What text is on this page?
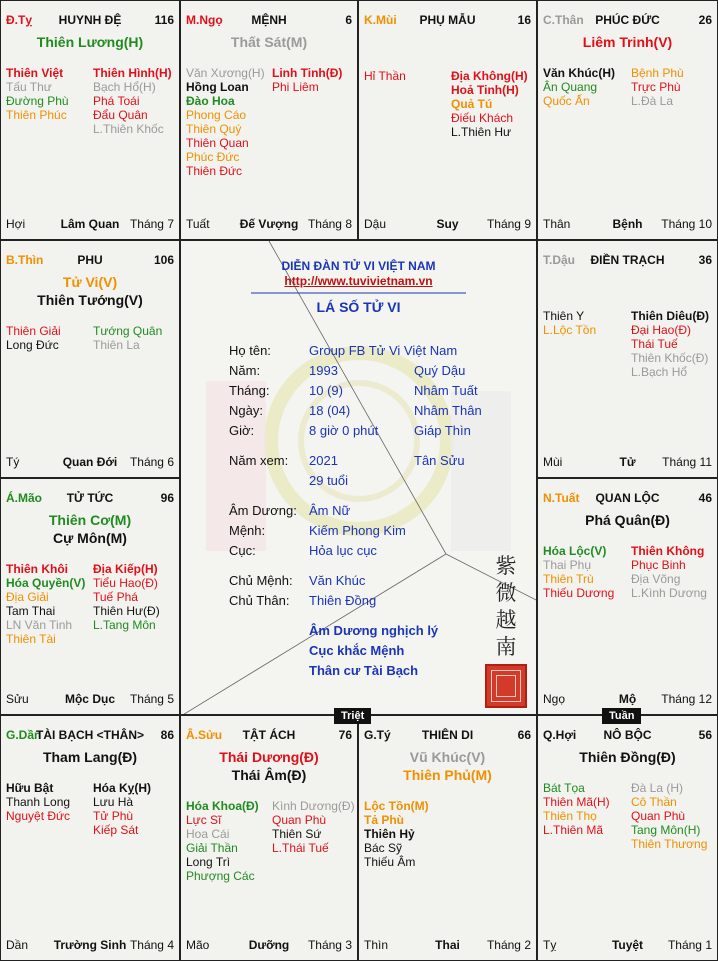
Đ.Tỵ	HUYNH ĐỆ	116
Thiên Lương(H)
Thiên Việt
Tấu Thư
Đường Phù
Thiên Phúc
Thiên Hình(H)
Bạch Hổ(H)
Phá Toái
Đẩu Quân
L.Thiên Khốc
Hợi	Lâm Quan Tháng 7
M.Ngọ	MỆNH	6
Thất Sát(M)
Văn Xương(H)
Hồng Loan
Đào Hoa
Phong Cáo
Thiên Quý
Thiên Quan
Phúc Đức
Thiên Đức
Linh Tinh(Đ)
Phi Liêm
Tuất	Đế Vượng Tháng 8
K.Mùi	PHỤ MẪU	16
Hỉ Thần	Địa Không(H)
Hoả Tinh(H)
Quả Tú
Điếu Khách
L.Thiên Hư
Dậu	Suy	Tháng 9
C.Thân PHÚC ĐỨC	26
Liêm Trinh(V)
Văn Khúc(H)
Ân Quang
Quốc Ấn
Bệnh Phù
Trực Phù
L.Đà La
Thân	Bệnh	Tháng 10
B.Thìn	PHU	106
Tử Vi(V)
Thiên Tướng(V)
Thiên Giải
Long Đức
Tướng Quân
Thiên La
Tý	Quan Đới	Tháng 6
T.Dậu	ĐIỀN TRẠCH	36
Thiên Y
L.Lộc Tồn
Thiên Diêu(Đ)
Đại Hao(Đ)
Thái Tuế
Thiên Khốc(Đ)
L.Bạch Hổ
Mùi	Tử	Tháng 11
Á.Mão	TỬ TỨC	96
Thiên Cơ(M)
Cự Môn(M)
Thiên Khôi
Hóa Quyền(V)
Địa Giải
Tam Thai
LN Văn Tinh
Thiên Tài
Địa Kiếp(H)
Tiểu Hao(Đ)
Tuế Phá
Thiên Hư(Đ)
L.Tang Môn
Sửu	Mộc Dục	Tháng 5
N.Tuất	QUAN LỘC	46
Phá Quân(Đ)
Hóa Lộc(V)
Thai Phụ
Thiên Trù
Thiếu Dương
Thiên Không
Phục Binh
Địa Võng
L.Kình Dương
Ngọ	Mộ	Tháng 12
G.Dần
TÀI BẠCH <THÂN>	86
Tham Lang(Đ)
Hữu Bật
Thanh Long
Nguyệt Đức
Hóa Kỵ(H)
Lưu Hà
Tử Phù
Kiếp Sát
Dần	Trường Sinh Tháng 4
Â.Sửu	TẬT ÁCH	76
Thái Dương(Đ)
Thái Âm(Đ)
Hóa Khoa(Đ)
Lực Sĩ
Hoa Cái
Giải Thần
Long Trì
Phượng Các
Kình Dương(Đ)
Quan Phù
Thiên Sứ
L.Thái Tuế
Mão	Dưỡng	Tháng 3
G.Tý	THIÊN DI	66
Vũ Khúc(V)
Thiên Phủ(M)
Lộc Tồn(M)
Tả Phù
Thiên Hỷ
Bác Sỹ
Thiếu Âm
Thìn	Thai	Tháng 2
Q.Hợi	NÔ BỘC	56
Thiên Đồng(Đ)
Bát Tọa
Thiên Mã(H)
Thiên Thọ
L.Thiên Mã
Đà La (H)
Cô Thần
Quan Phù
Tang Môn(H)
Thiên Thương
Tỵ	Tuyệt	Tháng 1
DIỄN ĐÀN TỬ VI VIỆT NAM
http://www.tuvivietnam.vn
LÁ SỐ TỬ VI
Họ tên:	Group FB Tử Vi Việt Nam
Năm:	1993	Quý Dậu
Tháng:	10 (9)	Nhâm Tuất
Ngày:	18 (04)	Nhâm Thân
Giờ:	8 giờ 0 phút	Giáp Thìn
Năm xem: 2021	Tân Sửu
29 tuổi
Âm Dương: Âm Nữ
Mệnh:	Kiếm Phong Kim
Cục:	Hỏa lục cục
Chủ Mệnh: Văn Khúc
Chủ Thân: Thiên Đồng
Âm Dương nghịch lý
Cục khắc Mệnh
Thân cư Tài Bạch
紫
微
越
南
Triệt	Tuần
